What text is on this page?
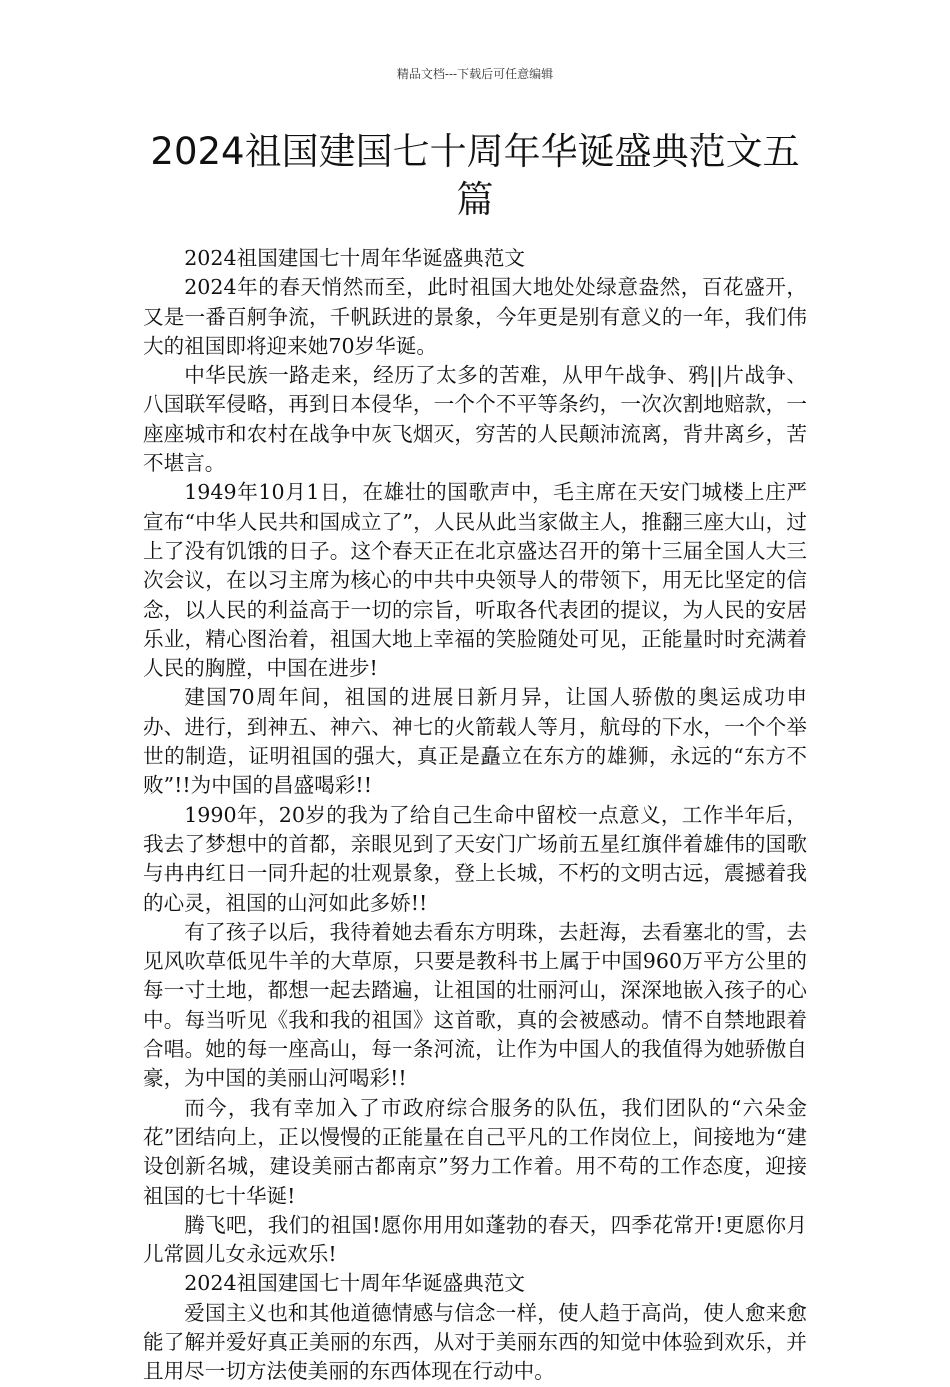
精品文档---下载后可任意编辑
2024祖国建国七十周年华诞盛典范文五篇

2024祖国建国七十周年华诞盛典范文

2024年的春天悄然而至，此时祖国大地处处绿意盎然，百花盛开，又是一番百舸争流，千帆跃进的景象，今年更是别有意义的一年，我们伟大的祖国即将迎来她70岁华诞。

中华民族一路走来，经历了太多的苦难，从甲午战争、鸦||片战争、八国联军侵略，再到日本侵华，一个个不平等条约，一次次割地赔款，一座座城市和农村在战争中灰飞烟灭，穷苦的人民颠沛流离，背井离乡，苦不堪言。

1949年10月1日，在雄壮的国歌声中，毛主席在天安门城楼上庄严宣布“中华人民共和国成立了”，人民从此当家做主人，推翻三座大山，过上了没有饥饿的日子。这个春天正在北京盛达召开的第十三届全国人大三次会议，在以习主席为核心的中共中央领导人的带领下，用无比坚定的信念，以人民的利益高于一切的宗旨，听取各代表团的提议，为人民的安居乐业，精心图治着，祖国大地上幸福的笑脸随处可见，正能量时时充满着人民的胸膛，中国在进步!

建国70周年间，祖国的进展日新月异，让国人骄傲的奥运成功申办、进行，到神五、神六、神七的火箭载人等月，航母的下水，一个个举世的制造，证明祖国的强大，真正是矗立在东方的雄狮，永远的“东方不败”!!为中国的昌盛喝彩!!

1990年，20岁的我为了给自己生命中留校一点意义，工作半年后，我去了梦想中的首都，亲眼见到了天安门广场前五星红旗伴着雄伟的国歌与冉冉红日一同升起的壮观景象，登上长城，不朽的文明古远，震撼着我的心灵，祖国的山河如此多娇!!

有了孩子以后，我待着她去看东方明珠，去赶海，去看塞北的雪，去见风吹草低见牛羊的大草原，只要是教科书上属于中国960万平方公里的每一寸土地，都想一起去踏遍，让祖国的壮丽河山，深深地嵌入孩子的心中。每当听见《我和我的祖国》这首歌，真的会被感动。情不自禁地跟着合唱。她的每一座高山，每一条河流，让作为中国人的我值得为她骄傲自豪，为中国的美丽山河喝彩!!

而今，我有幸加入了市政府综合服务的队伍，我们团队的“六朵金花”团结向上，正以慢慢的正能量在自己平凡的工作岗位上，间接地为“建设创新名城，建设美丽古都南京”努力工作着。用不苟的工作态度，迎接祖国的七十华诞!

腾飞吧，我们的祖国!愿你用用如蓬勃的春天，四季花常开!更愿你月儿常圆儿女永远欢乐!

2024祖国建国七十周年华诞盛典范文

爱国主义也和其他道德情感与信念一样，使人趋于高尚，使人愈来愈能了解并爱好真正美丽的东西，从对于美丽东西的知觉中体验到欢乐，并且用尽一切方法使美丽的东西体现在行动中。
